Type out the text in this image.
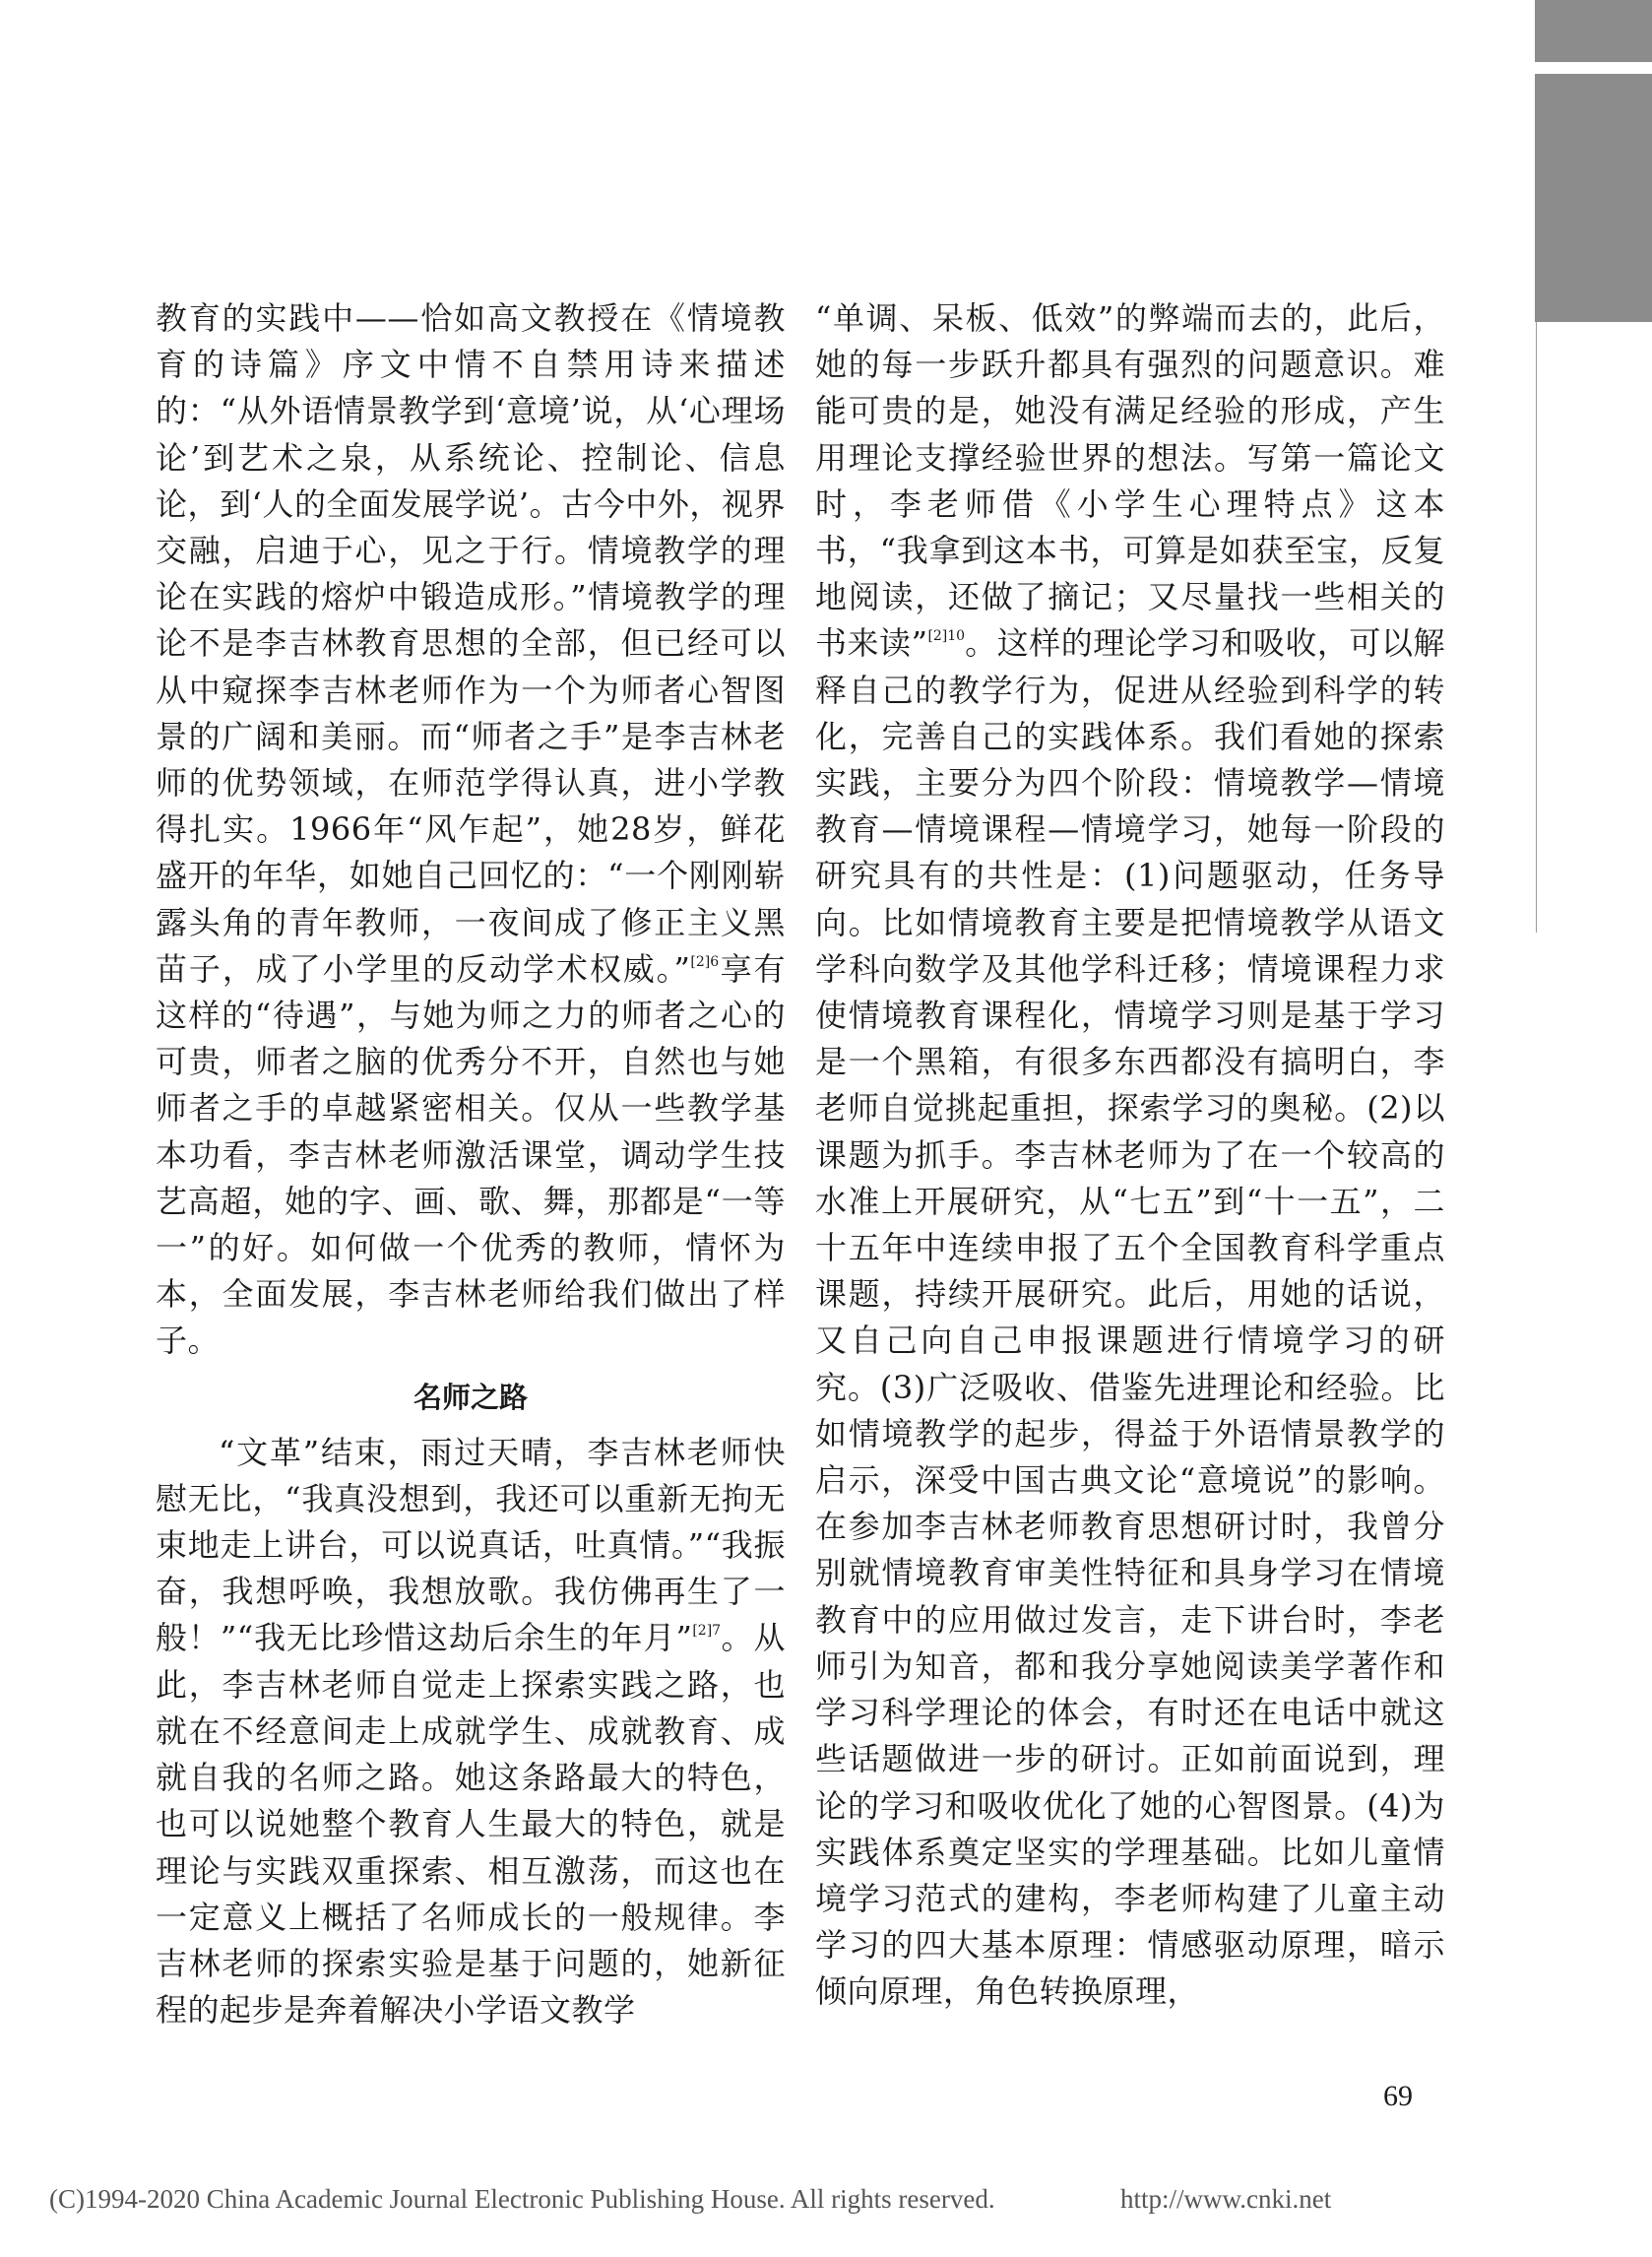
教育的实践中——恰如高文教授在《情境教育的诗篇》序文中情不自禁用诗来描述的：“从外语情景教学到‘意境’说，从‘心理场论’到艺术之泉，从系统论、控制论、信息论，到‘人的全面发展学说’。古今中外，视界交融，启迪于心，见之于行。情境教学的理论在实践的熔炉中锻造成形。”情境教学的理论不是李吉林教育思想的全部，但已经可以从中窥探李吉林老师作为一个为师者心智图景的广阔和美丽。而“师者之手”是李吉林老师的优势领域，在师范学得认真，进小学教得扎实。1966年“风乍起”，她28岁，鲜花盛开的年华，如她自己回忆的：“一个刚刚崭露头角的青年教师，一夜间成了修正主义黑苗子，成了小学里的反动学术权威。”$^{[2]6}$享有这样的“待遇”，与她为师之力的师者之心的可贵，师者之脑的优秀分不开，自然也与她师者之手的卓越紧密相关。仅从一些教学基本功看，李吉林老师激活课堂，调动学生技艺高超，她的字、画、歌、舞，那都是“一等一”的好。如何做一个优秀的教师，情怀为本，全面发展，李吉林老师给我们做出了样子。

名师之路

“文革”结束，雨过天晴，李吉林老师快慰无比，“我真没想到，我还可以重新无拘无束地走上讲台，可以说真话，吐真情。”“我振奋，我想呼唤，我想放歌。我仿佛再生了一般！”“我无比珍惜这劫后余生的年月”$^{[2]7}$。从此，李吉林老师自觉走上探索实践之路，也就在不经意间走上成就学生、成就教育、成就自我的名师之路。她这条路最大的特色，也可以说她整个教育人生最大的特色，就是理论与实践双重探索、相互激荡，而这也在一定意义上概括了名师成长的一般规律。李吉林老师的探索实验是基于问题的，她新征程的起步是奔着解决小学语文教学

“单调、呆板、低效”的弊端而去的，此后，她的每一步跃升都具有强烈的问题意识。难能可贵的是，她没有满足经验的形成，产生用理论支撑经验世界的想法。写第一篇论文时，李老师借《小学生心理特点》这本书，“我拿到这本书，可算是如获至宝，反复地阅读，还做了摘记；又尽量找一些相关的书来读”$^{[2]10}$。这样的理论学习和吸收，可以解释自己的教学行为，促进从经验到科学的转化，完善自己的实践体系。我们看她的探索实践，主要分为四个阶段：情境教学—情境教育—情境课程—情境学习，她每一阶段的研究具有的共性是：(1)问题驱动，任务导向。比如情境教育主要是把情境教学从语文学科向数学及其他学科迁移；情境课程力求使情境教育课程化，情境学习则是基于学习是一个黑箱，有很多东西都没有搞明白，李老师自觉挑起重担，探索学习的奥秘。(2)以课题为抓手。李吉林老师为了在一个较高的水准上开展研究，从“七五”到“十一五”，二十五年中连续申报了五个全国教育科学重点课题，持续开展研究。此后，用她的话说，又自己向自己申报课题进行情境学习的研究。(3)广泛吸收、借鉴先进理论和经验。比如情境教学的起步，得益于外语情景教学的启示，深受中国古典文论“意境说”的影响。在参加李吉林老师教育思想研讨时，我曾分别就情境教育审美性特征和具身学习在情境教育中的应用做过发言，走下讲台时，李老师引为知音，都和我分享她阅读美学著作和学习科学理论的体会，有时还在电话中就这些话题做进一步的研讨。正如前面说到，理论的学习和吸收优化了她的心智图景。(4)为实践体系奠定坚实的学理基础。比如儿童情境学习范式的建构，李老师构建了儿童主动学习的四大基本原理：情感驱动原理，暗示倾向原理，角色转换原理，

69
(C)1994-2020 China Academic Journal Electronic Publishing House. All rights reserved.	http://www.cnki.net
